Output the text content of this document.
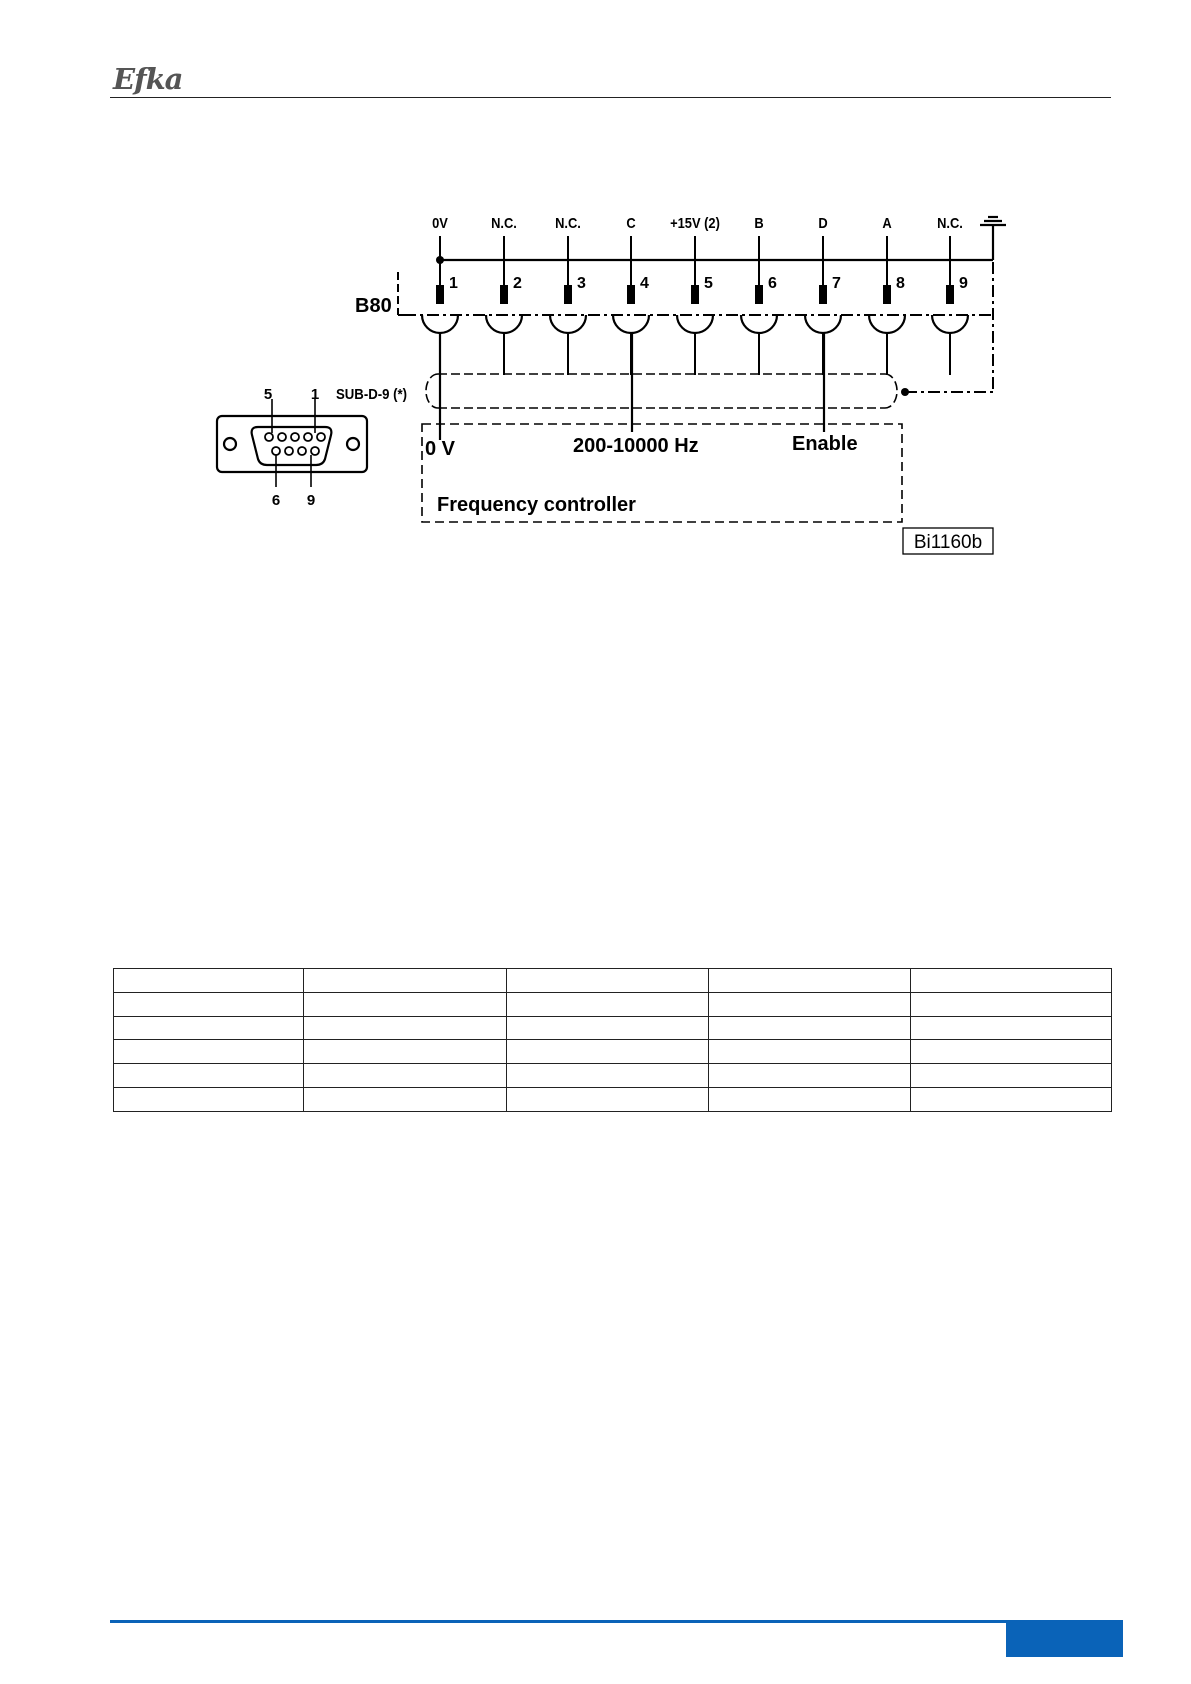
Efka
0V
1
N.C.
2
N.C.
3
C
4
+15V (2)
5
B
6
D
7
A
8
N.C.
9
B80
5	1 SUB-D-9 (*)
6 9
0 V	200-10000 Hz	Enable
Frequency controller
Bi1160b
